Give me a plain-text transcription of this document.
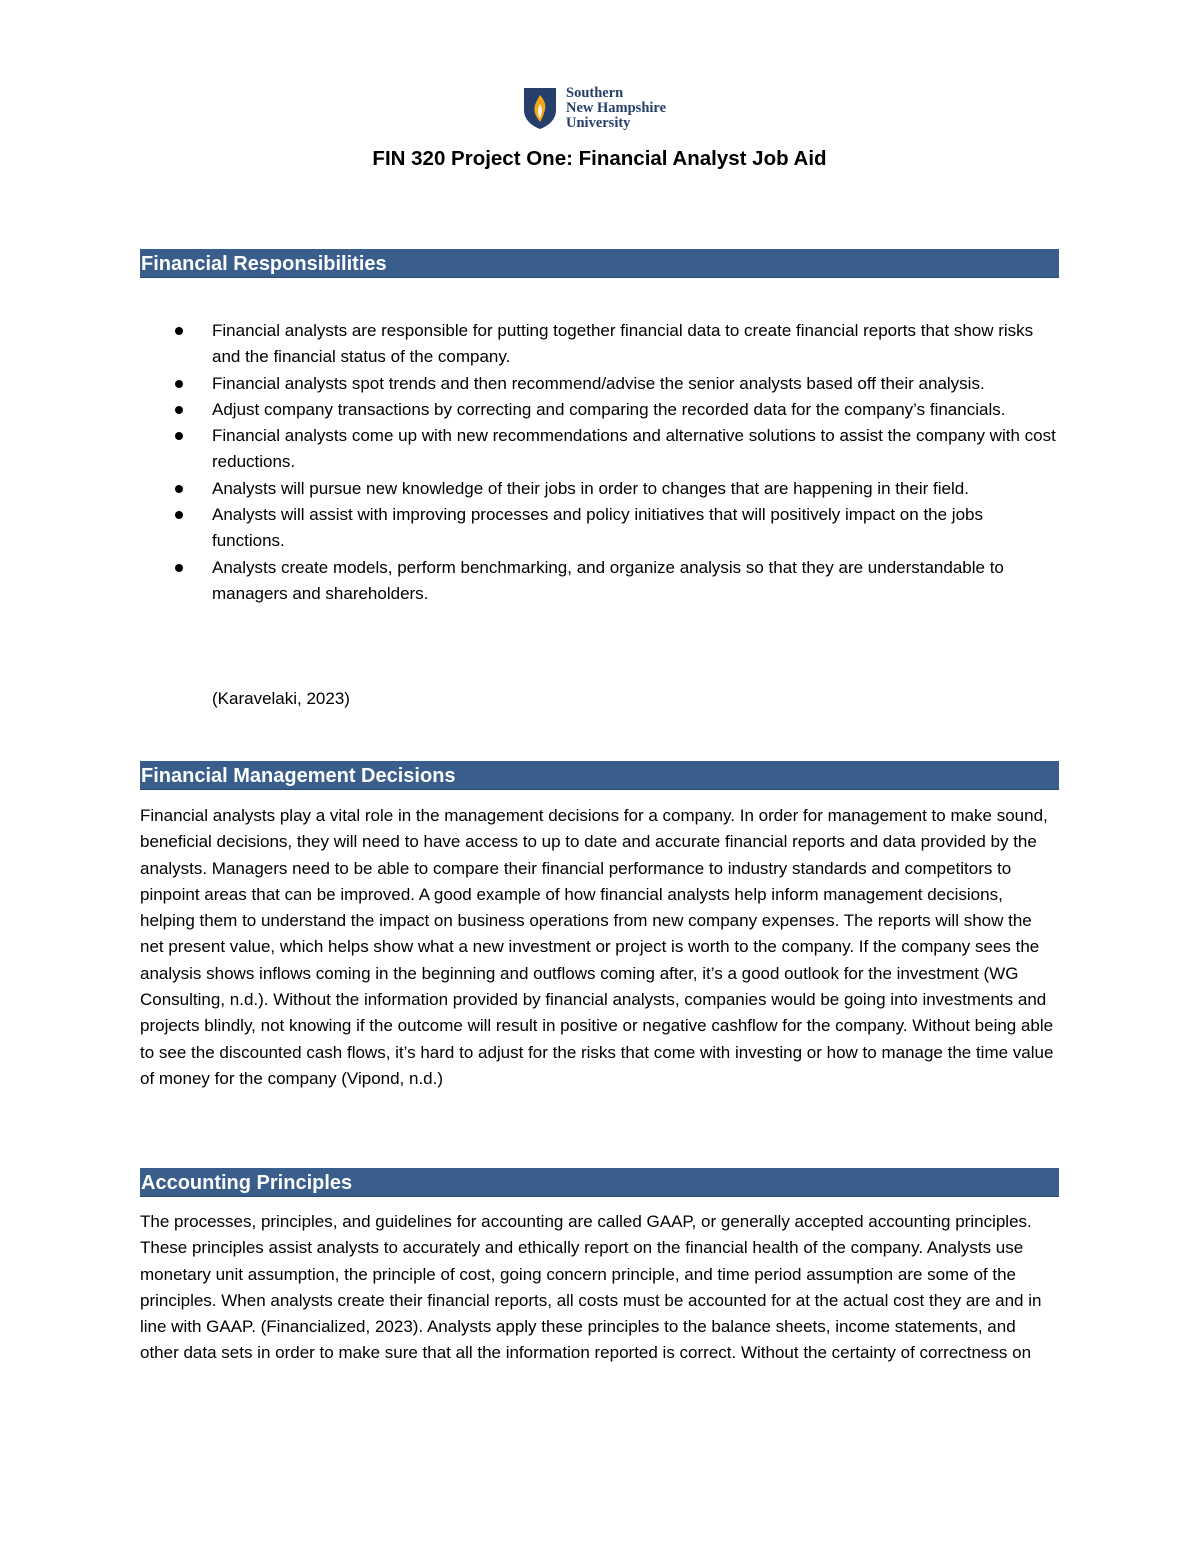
Southern
New Hampshire
University
FIN 320 Project One: Financial Analyst Job Aid
Financial Responsibilities
Financial analysts are responsible for putting together financial data to create financial reports that show risks and the financial status of the company.
Financial analysts spot trends and then recommend/advise the senior analysts based off their analysis.
Adjust company transactions by correcting and comparing the recorded data for the company’s financials.
Financial analysts come up with new recommendations and alternative solutions to assist the company with cost reductions.
Analysts will pursue new knowledge of their jobs in order to changes that are happening in their field.
Analysts will assist with improving processes and policy initiatives that will positively impact on the jobs functions.
Analysts create models, perform benchmarking, and organize analysis so that they are understandable to managers and shareholders.
(Karavelaki, 2023)
Financial Management Decisions

Financial analysts play a vital role in the management decisions for a company. In order for management to make sound, beneficial decisions, they will need to have access to up to date and accurate financial reports and data provided by the analysts. Managers need to be able to compare their financial performance to industry standards and competitors to pinpoint areas that can be improved. A good example of how financial analysts help inform management decisions, helping them to understand the impact on business operations from new company expenses. The reports will show the net present value, which helps show what a new investment or project is worth to the company. If the company sees the analysis shows inflows coming in the beginning and outflows coming after, it’s a good outlook for the investment (WG Consulting, n.d.). Without the information provided by financial analysts, companies would be going into investments and projects blindly, not knowing if the outcome will result in positive or negative cashflow for the company. Without being able to see the discounted cash flows, it’s hard to adjust for the risks that come with investing or how to manage the time value of money for the company (Vipond, n.d.)

Accounting Principles

The processes, principles, and guidelines for accounting are called GAAP, or generally accepted accounting principles. These principles assist analysts to accurately and ethically report on the financial health of the company. Analysts use monetary unit assumption, the principle of cost, going concern principle, and time period assumption are some of the principles. When analysts create their financial reports, all costs must be accounted for at the actual cost they are and in line with GAAP. (Financialized, 2023). Analysts apply these principles to the balance sheets, income statements, and other data sets in order to make sure that all the information reported is correct. Without the certainty of correctness on
